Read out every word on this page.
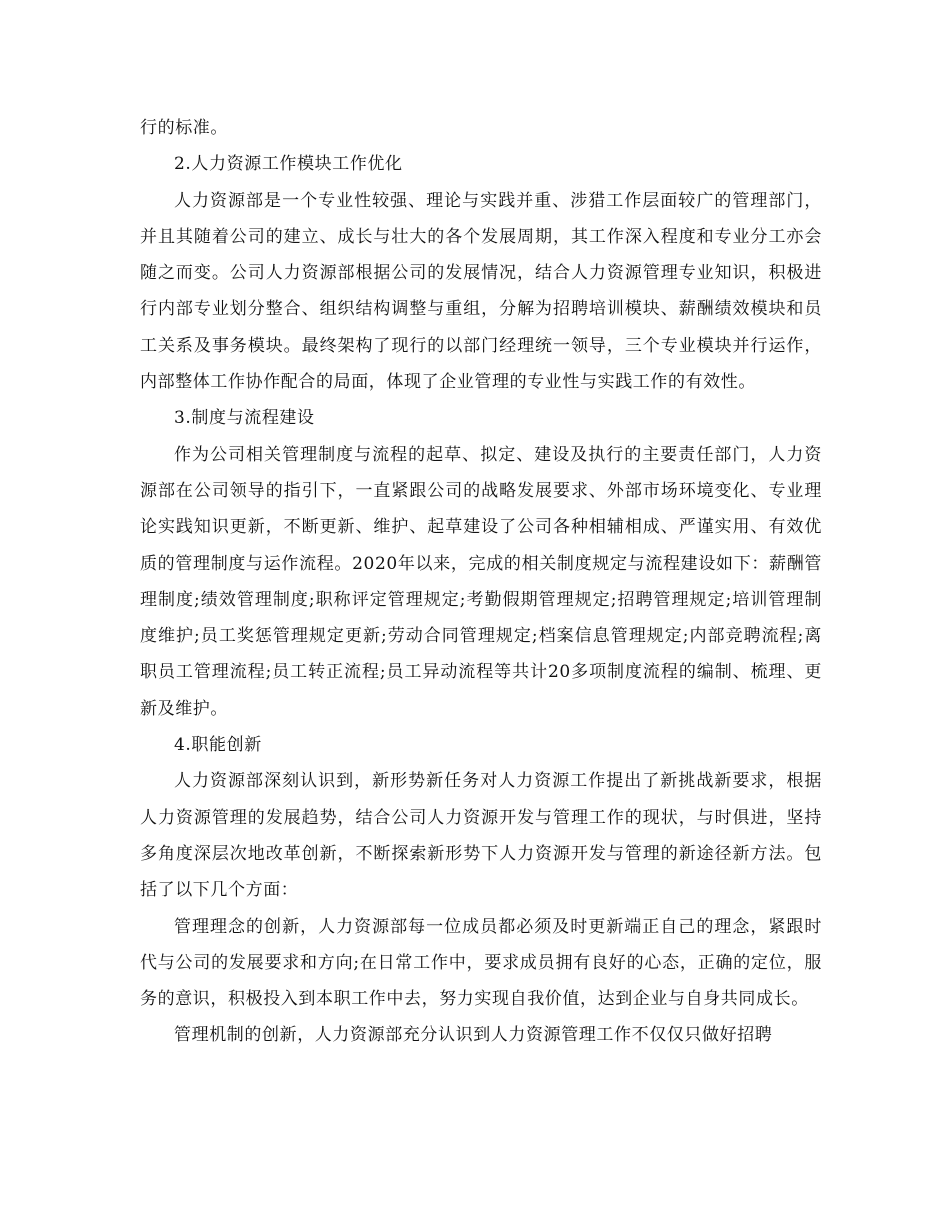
行的标准。

2.人力资源工作模块工作优化

人力资源部是一个专业性较强、理论与实践并重、涉猎工作层面较广的管理部门，并且其随着公司的建立、成长与壮大的各个发展周期，其工作深入程度和专业分工亦会随之而变。公司人力资源部根据公司的发展情况，结合人力资源管理专业知识，积极进行内部专业划分整合、组织结构调整与重组，分解为招聘培训模块、薪酬绩效模块和员工关系及事务模块。最终架构了现行的以部门经理统一领导，三个专业模块并行运作，内部整体工作协作配合的局面，体现了企业管理的专业性与实践工作的有效性。

3.制度与流程建设

作为公司相关管理制度与流程的起草、拟定、建设及执行的主要责任部门，人力资源部在公司领导的指引下，一直紧跟公司的战略发展要求、外部市场环境变化、专业理论实践知识更新，不断更新、维护、起草建设了公司各种相辅相成、严谨实用、有效优质的管理制度与运作流程。2020年以来，完成的相关制度规定与流程建设如下：薪酬管理制度;绩效管理制度;职称评定管理规定;考勤假期管理规定;招聘管理规定;培训管理制度维护;员工奖惩管理规定更新;劳动合同管理规定;档案信息管理规定;内部竞聘流程;离职员工管理流程;员工转正流程;员工异动流程等共计20多项制度流程的编制、梳理、更新及维护。

4.职能创新

人力资源部深刻认识到，新形势新任务对人力资源工作提出了新挑战新要求，根据人力资源管理的发展趋势，结合公司人力资源开发与管理工作的现状，与时俱进，坚持多角度深层次地改革创新，不断探索新形势下人力资源开发与管理的新途径新方法。包括了以下几个方面：

管理理念的创新，人力资源部每一位成员都必须及时更新端正自己的理念，紧跟时代与公司的发展要求和方向;在日常工作中，要求成员拥有良好的心态，正确的定位，服务的意识，积极投入到本职工作中去，努力实现自我价值，达到企业与自身共同成长。

管理机制的创新，人力资源部充分认识到人力资源管理工作不仅仅只做好招聘
